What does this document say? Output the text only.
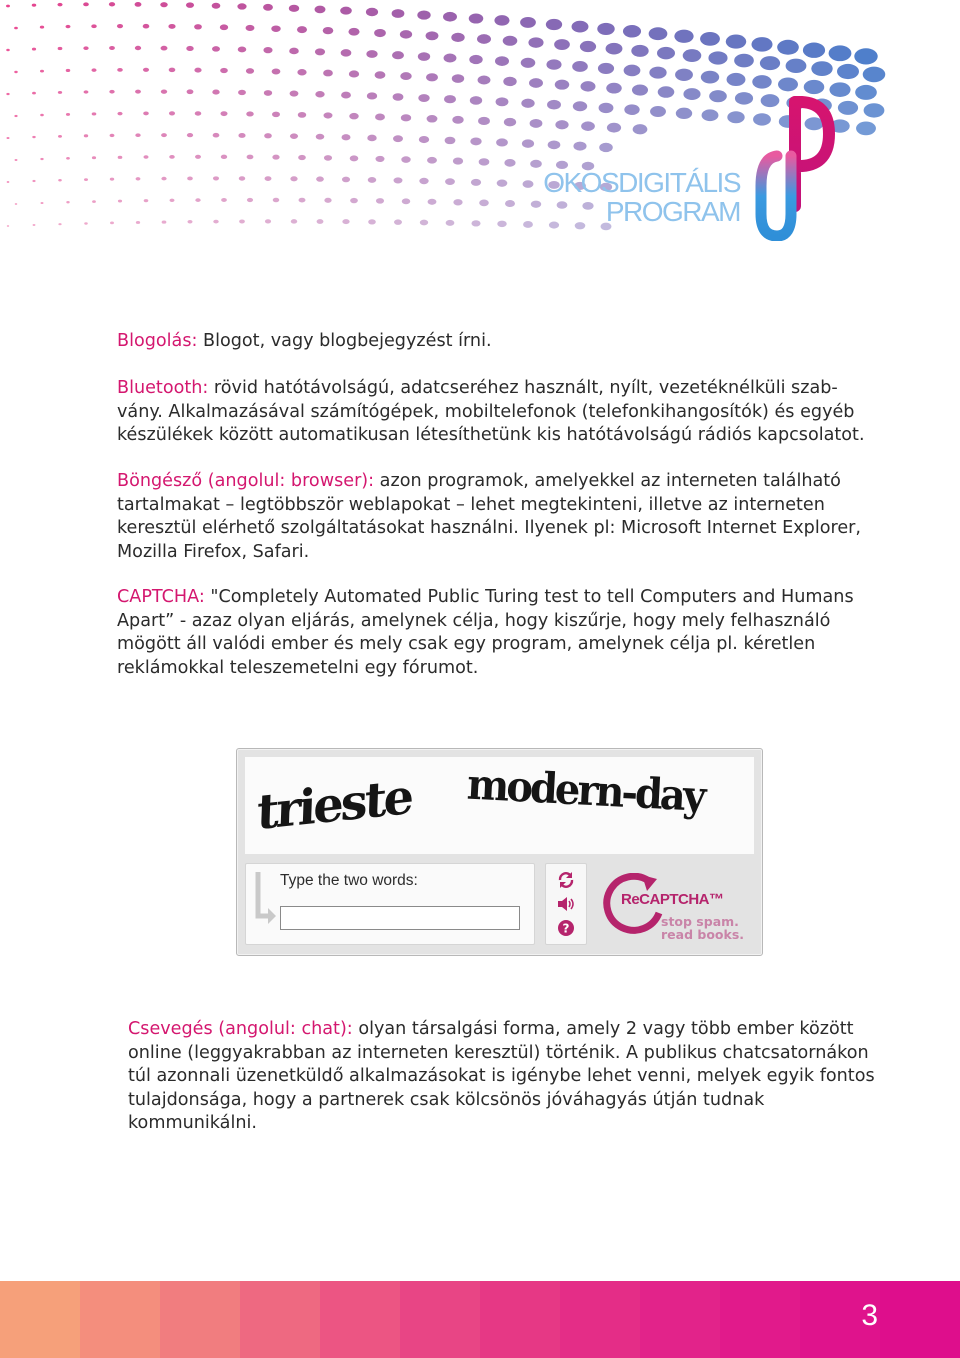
OKOSDIGITÁLIS
PROGRAM

Blogolás: Blogot, vagy blogbejegyzést írni.

Bluetooth: rövid hatótávolságú, adatcseréhez használt, nyílt, vezetéknélküli szab- vány. Alkalmazásával számítógépek, mobiltelefonok (telefonkihangosítók) és egyéb készülékek között automatikusan létesíthetünk kis hatótávolságú rádiós kapcsolatot.

Böngésző (angolul: browser): azon programok, amelyekkel az interneten található tartalmakat – legtöbbször weblapokat – lehet megtekinteni, illetve az interneten keresztül elérhető szolgáltatásokat használni. Ilyenek pl: Microsoft Internet Explorer, Mozilla Firefox, Safari.

CAPTCHA: "Completely Automated Public Turing test to tell Computers and Humans Apart” - azaz olyan eljárás, amelynek célja, hogy kiszűrje, hogy mely felhasználó mögött áll valódi ember és mely csak egy program, amelynek célja pl. kéretlen reklámokkal teleszemetelni egy fórumot.

trieste modern-day
Type the two words:
?
ReCAPTCHA™
stop spam.
read books.

Csevegés (angolul: chat): olyan társalgási forma, amely 2 vagy több ember között online (leggyakrabban az interneten keresztül) történik. A publikus chatcsatornákon túl azonnali üzenetküldő alkalmazásokat is igénybe lehet venni, melyek egyik fontos tulajdonsága, hogy a partnerek csak kölcsönös jóváhagyás útján tudnak kommunikálni.

3
